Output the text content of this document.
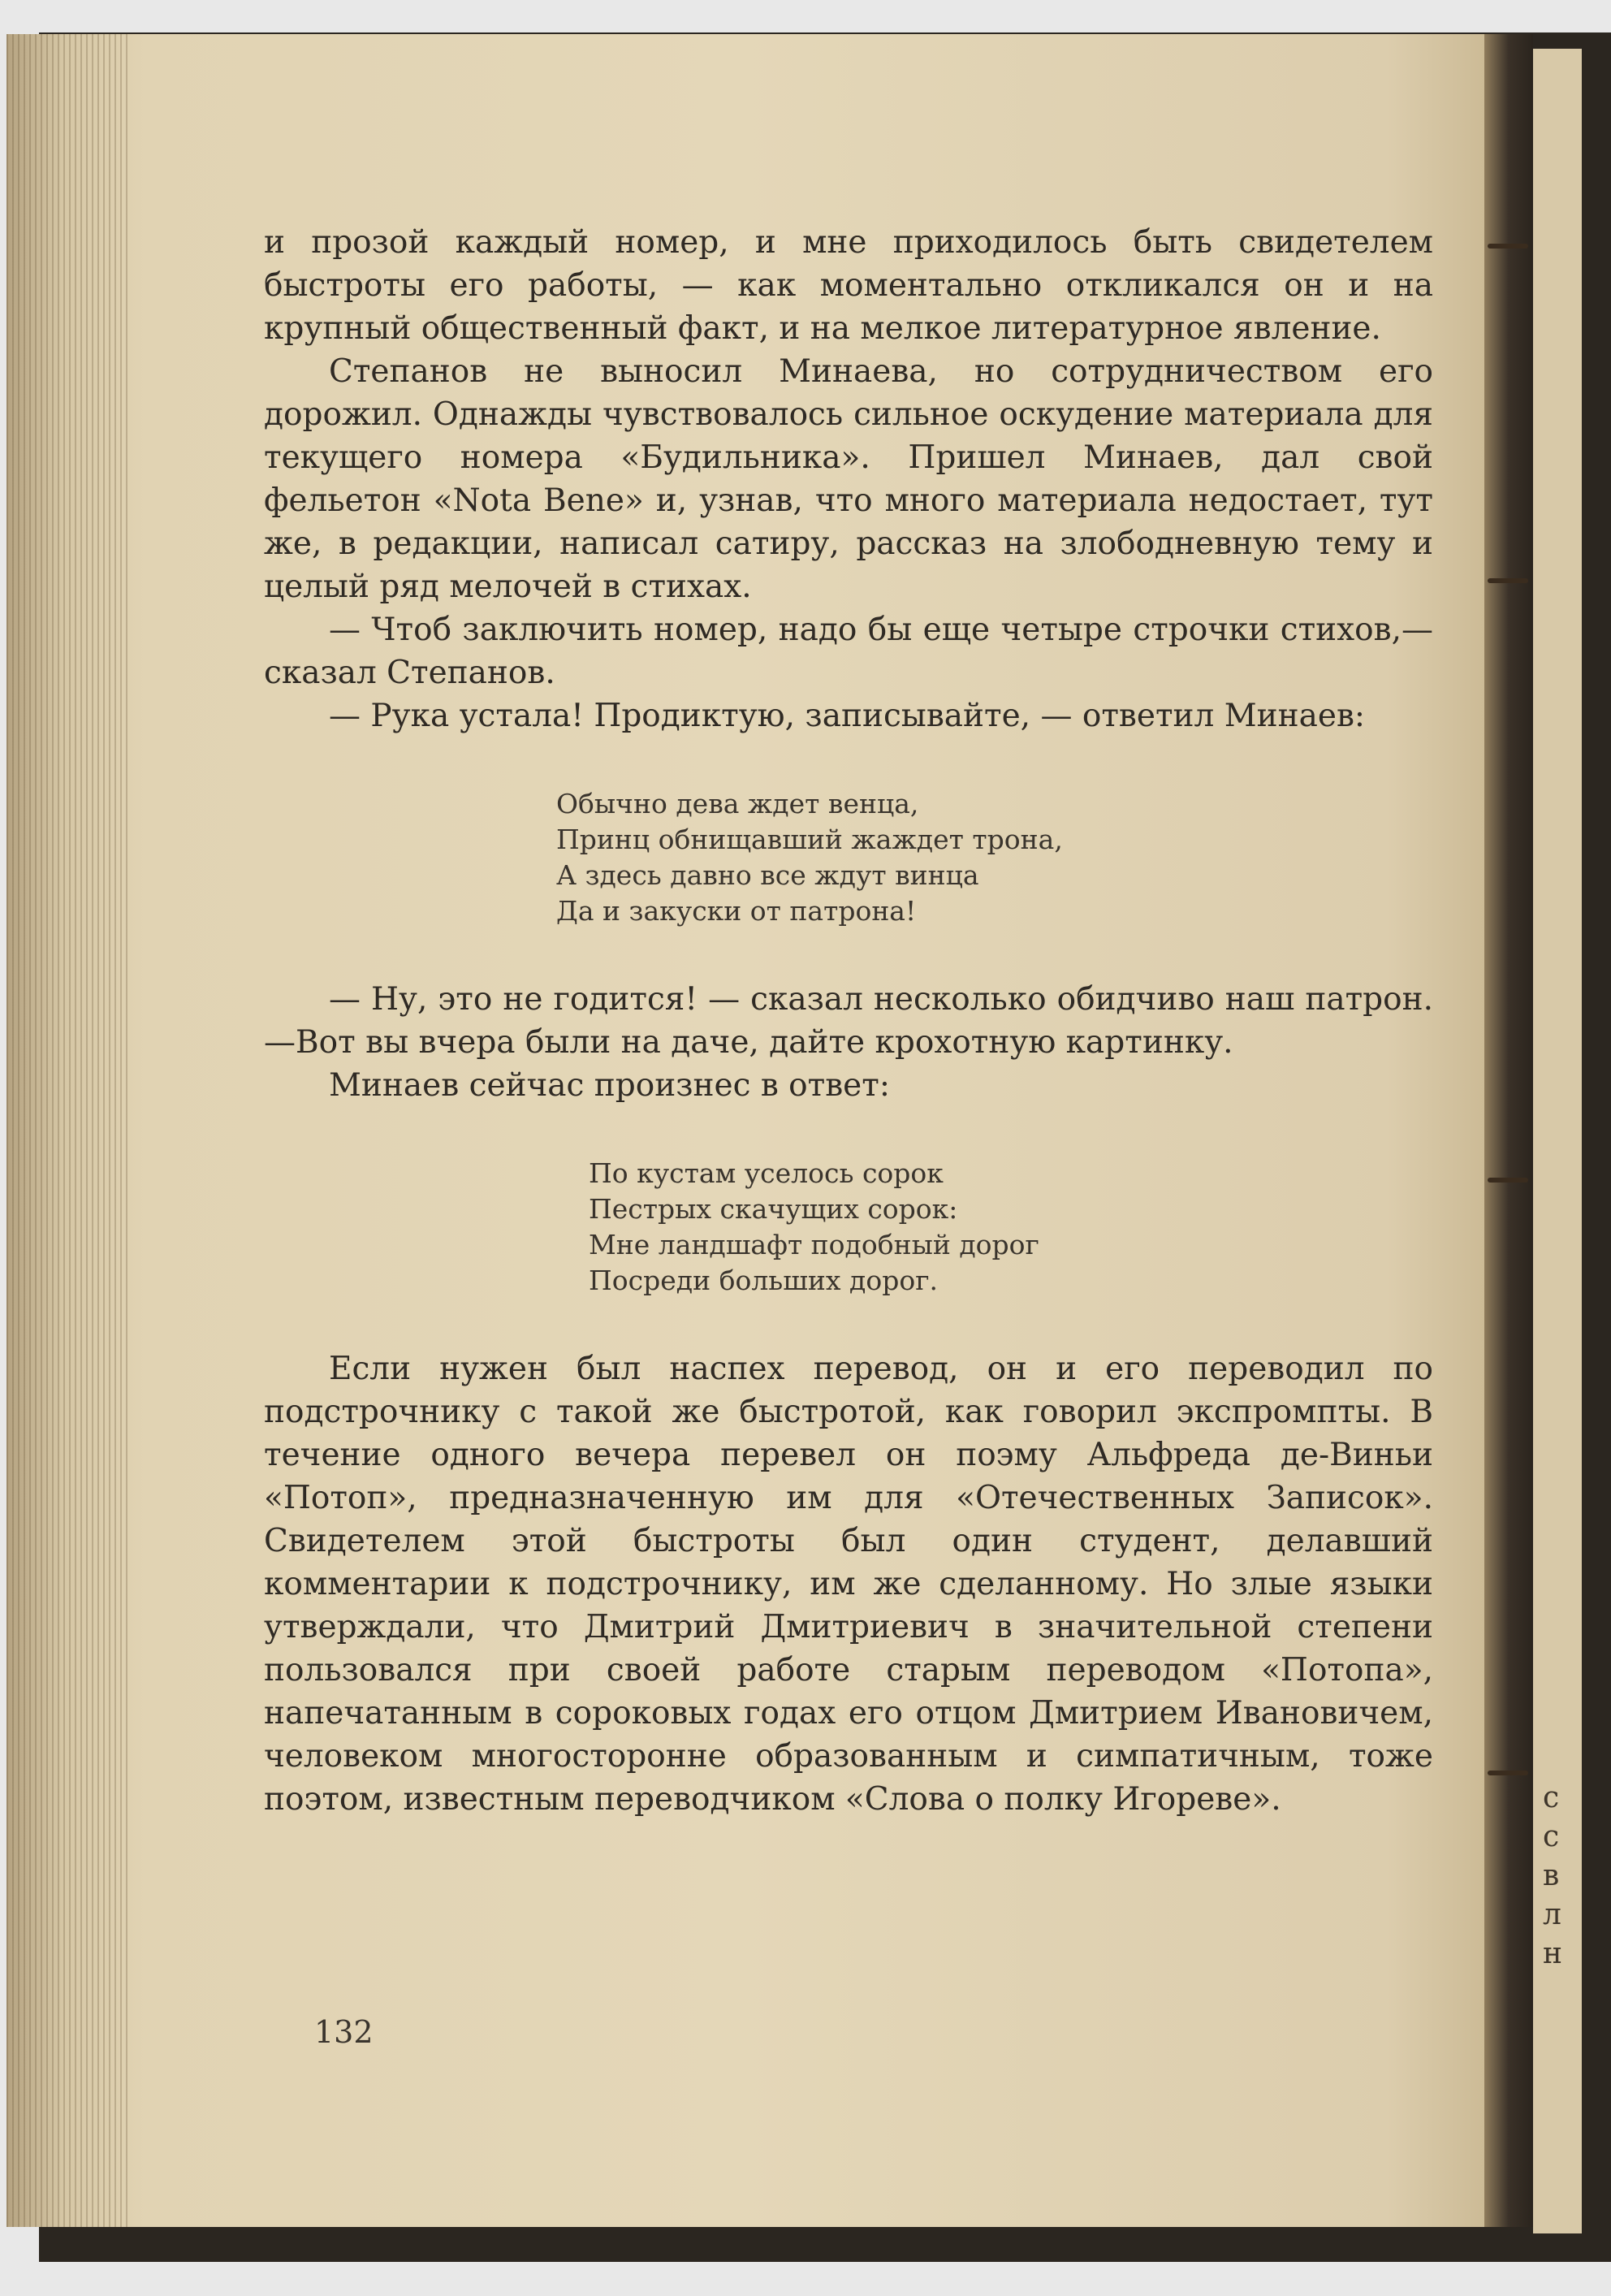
с
с
в
л
н

и прозой каждый номер, и мне приходилось быть свидетелем быстроты его работы, — как моментально откликался он и на крупный общественный факт, и на мелкое литературное явление.

Степанов не выносил Минаева, но сотрудничеством его дорожил. Однажды чувствовалось сильное оскудение материала для текущего номера «Будильника». Пришел Минаев, дал свой фельетон «Nota Bene» и, узнав, что много материала недостает, тут же, в редакции, написал сатиру, рассказ на злободневную тему и целый ряд мелочей в стихах.

— Чтоб заключить номер, надо бы еще четыре строчки стихов,— сказал Степанов.

— Рука устала! Продиктую, записывайте, — ответил Минаев:

Обычно дева ждет венца,
Принц обнищавший жаждет трона,
А здесь давно все ждут винца
Да и закуски от патрона!

— Ну, это не годится! — сказал несколько обидчиво наш патрон.—Вот вы вчера были на даче, дайте крохотную картинку.

Минаев сейчас произнес в ответ:

По кустам уселось сорок
Пестрых скачущих сорок:
Мне ландшафт подобный дорог
Посреди больших дорог.

Если нужен был наспех перевод, он и его переводил по подстрочнику с такой же быстротой, как говорил экспромпты. В течение одного вечера перевел он поэму Альфреда де-Виньи «Потоп», предназначенную им для «Отечественных Записок». Свидетелем этой быстроты был один студент, делавший комментарии к подстрочнику, им же сделанному. Но злые языки утверждали, что Дмитрий Дмитриевич в значительной степени пользовался при своей работе старым переводом «Потопа», напечатанным в сороковых годах его отцом Дмитрием Ивановичем, человеком многосторонне образованным и симпатичным, тоже поэтом, известным переводчиком «Слова о полку Игореве».

132
